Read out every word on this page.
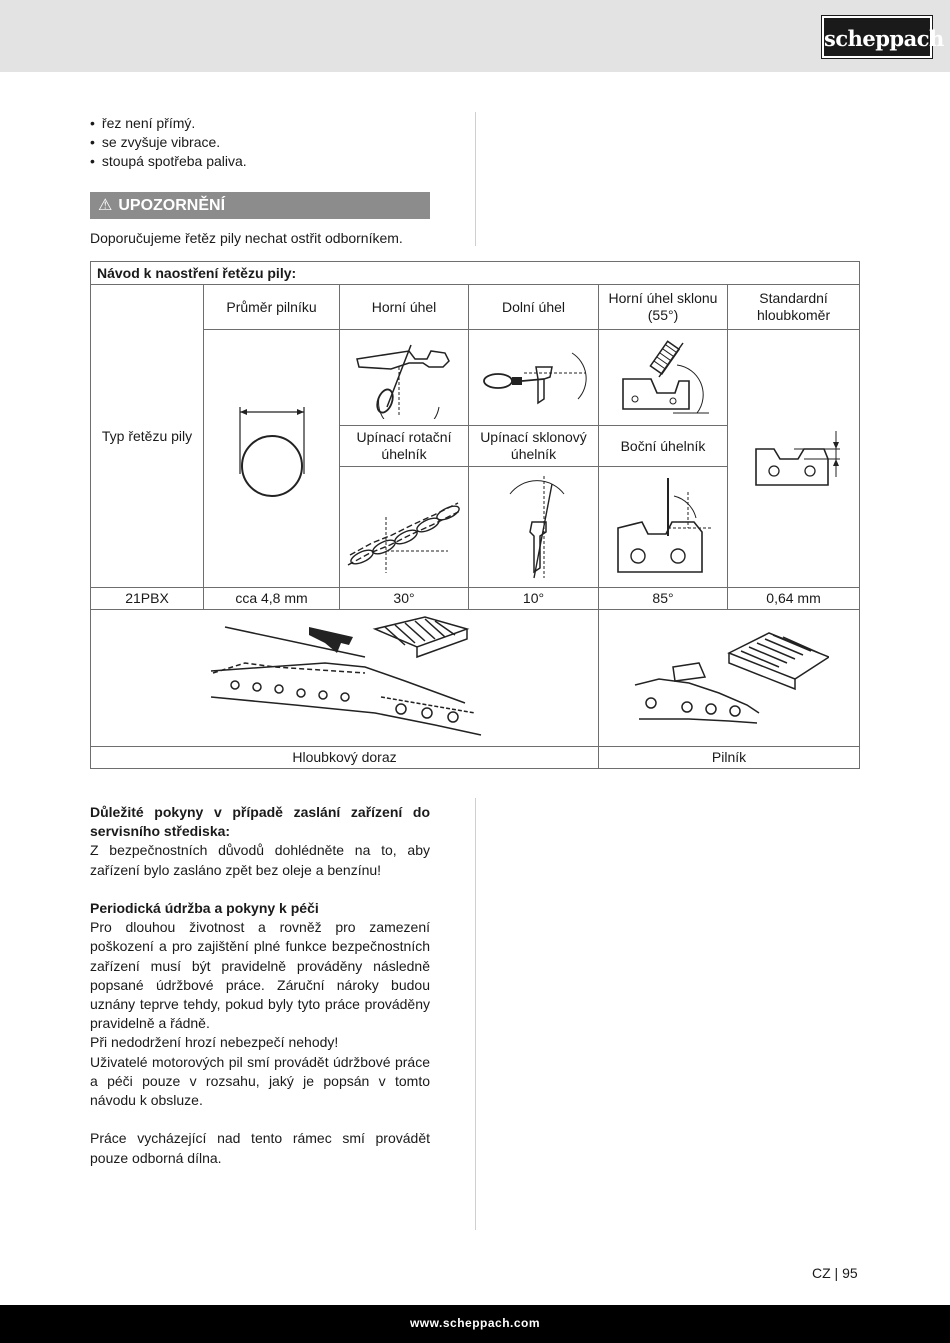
scheppach
• řez není přímý.
• se zvyšuje vibrace.
• stoupá spotřeba paliva.
⚠ UPOZORNĚNÍ
Doporučujeme řetěz pily nechat ostřit odborníkem.
Návod k naostření řetězu pily:					
Typ řetězu pily	Průměr pilníku	Horní úhel	Dolní úhel	Horní úhel sklonu (55°)	Standardní hloubkoměr

		Upínací rotační úhelník	Upínací sklonový úhelník	Boční úhelník	

21PBX	cca 4,8 mm	30°	10°	85°	0,64 mm

Hloubkový doraz				Pilník	

Důležité pokyny v případě zaslání zařízení do servisního střediska:

Z bezpečnostních důvodů dohlédněte na to, aby zařízení bylo zasláno zpět bez oleje a benzínu!

Periodická údržba a pokyny k péči

Pro dlouhou životnost a rovněž pro zamezení poškození a pro zajištění plné funkce bezpečnostních zařízení musí být pravidelně prováděny následně popsané údržbové práce. Záruční nároky budou uznány teprve tehdy, pokud byly tyto práce prováděny pravidelně a řádně.

Při nedodržení hrozí nebezpečí nehody!

Uživatelé motorových pil smí provádět údržbové práce a péči pouze v rozsahu, jaký je popsán v tomto návodu k obsluze.

Práce vycházející nad tento rámec smí provádět pouze odborná dílna.

CZ | 95
www.scheppach.com
